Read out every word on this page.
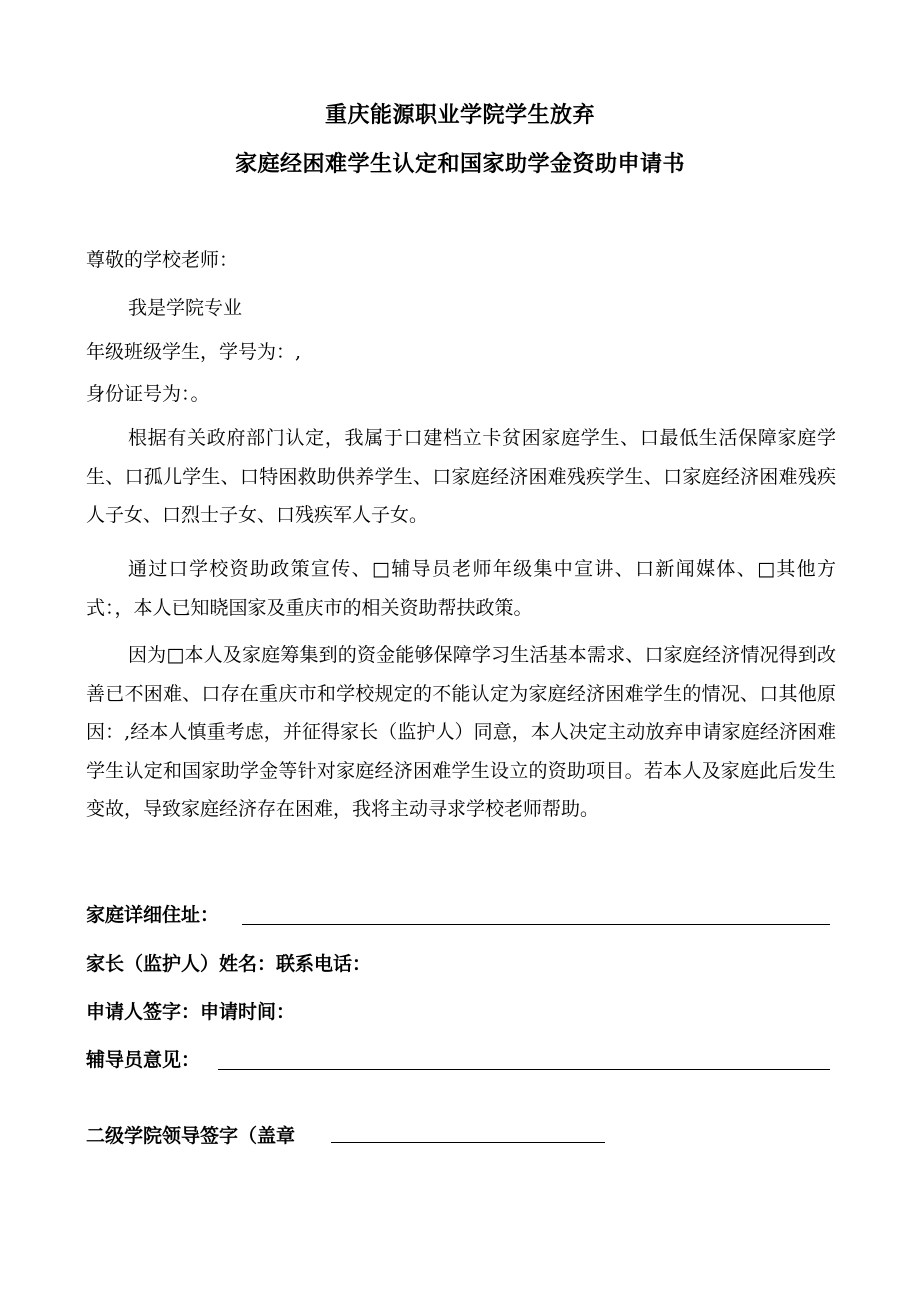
重庆能源职业学院学生放弃
家庭经困难学生认定和国家助学金资助申请书
尊敬的学校老师：
我是学院专业
年级班级学生，学号为：,
身份证号为：。
根据有关政府部门认定，我属于口建档立卡贫困家庭学生、口最低生活保障家庭学生、口孤儿学生、口特困救助供养学生、口家庭经济困难残疾学生、口家庭经济困难残疾人子女、口烈士子女、口残疾军人子女。
通过口学校资助政策宣传、□辅导员老师年级集中宣讲、口新闻媒体、□其他方式：，本人已知晓国家及重庆市的相关资助帮扶政策。
因为□本人及家庭筹集到的资金能够保障学习生活基本需求、口家庭经济情况得到改善已不困难、口存在重庆市和学校规定的不能认定为家庭经济困难学生的情况、口其他原因：,经本人慎重考虑，并征得家长（监护人）同意，本人决定主动放弃申请家庭经济困难学生认定和国家助学金等针对家庭经济困难学生设立的资助项目。若本人及家庭此后发生变故，导致家庭经济存在困难，我将主动寻求学校老师帮助。
家庭详细住址：
家长（监护人）姓名：联系电话：
申请人签字：申请时间：
辅导员意见：
二级学院领导签字（盖章
